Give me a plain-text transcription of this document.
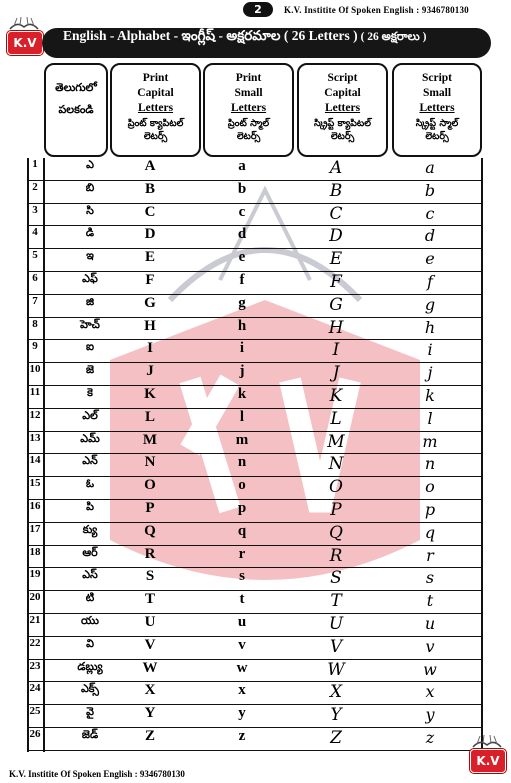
2	K.V. Institite Of Spoken English : 9346780130
K.V	English - Alphabet - ఇంగ్లీష్ - అక్షరమాల ( 26 Letters ) ( 26 అక్షరాలు )
తెలుగులో
పలకండి
Print
Capital
Letters
ప్రింట్ క్యాపిటల్
లెటర్స్
Print
Small
Letters
ప్రింట్ స్మాల్
లెటర్స్
Script
Capital
Letters
స్క్రిప్ట్ క్యాపిటల్
లెటర్స్
Script
Small
Letters
స్క్రిప్ట్ స్మాల్
లెటర్స్
1	ఎ	A	a	A	a
2	బి	B	b	B	b
3	సి	C	c	C	c
4	డి	D	d	D	d
5	ఇ	E	e	E	e
6	ఎఫ్	F	f	F	f
7	జి	G	g	G	g
8	హెచ్	H	h	H	h
9	ఐ	I	i	I	i
10	జె	J	j	J	j
11	కె	K	k	K	k
12	ఎల్	L	l	L	l
13	ఎమ్	M	m	M	m
14	ఎన్	N	n	N	n
15	ఓ	O	o	O	o
16	పి	P	p	P	p
17	క్యు	Q	q	Q	q
18	ఆర్	R	r	R	r
19	ఎస్	S	s	S	s
20	టి	T	t	T	t
21	యు	U	u	U	u
22	వి	V	v	V	v
23	డబ్ల్యు	W	w	W	w
24	ఎక్స్	X	x	X	x
25	వై	Y	y	Y	y
26	జెడ్	Z	z	Z	z
K.V
K.V. Institite Of Spoken English : 9346780130
